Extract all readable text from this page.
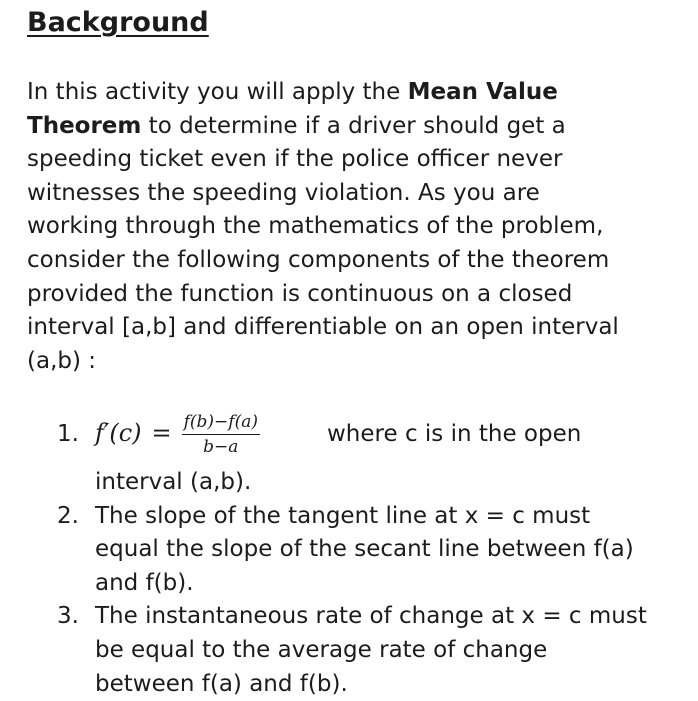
Background
In this activity you will apply the Mean Value
Theorem to determine if a driver should get a
speeding ticket even if the police officer never
witnesses the speeding violation. As you are
working through the mathematics of the problem,
consider the following components of the theorem
provided the function is continuous on a closed
interval [a,b] and differentiable on an open interval
(a,b) :
1. $f'(c) = \frac{f(b)-f(a)}{b-a}$	where c is in the open
interval (a,b).
2. The slope of the tangent line at x = c must
equal the slope of the secant line between f(a)
and f(b).
3. The instantaneous rate of change at x = c must
be equal to the average rate of change
between f(a) and f(b).
